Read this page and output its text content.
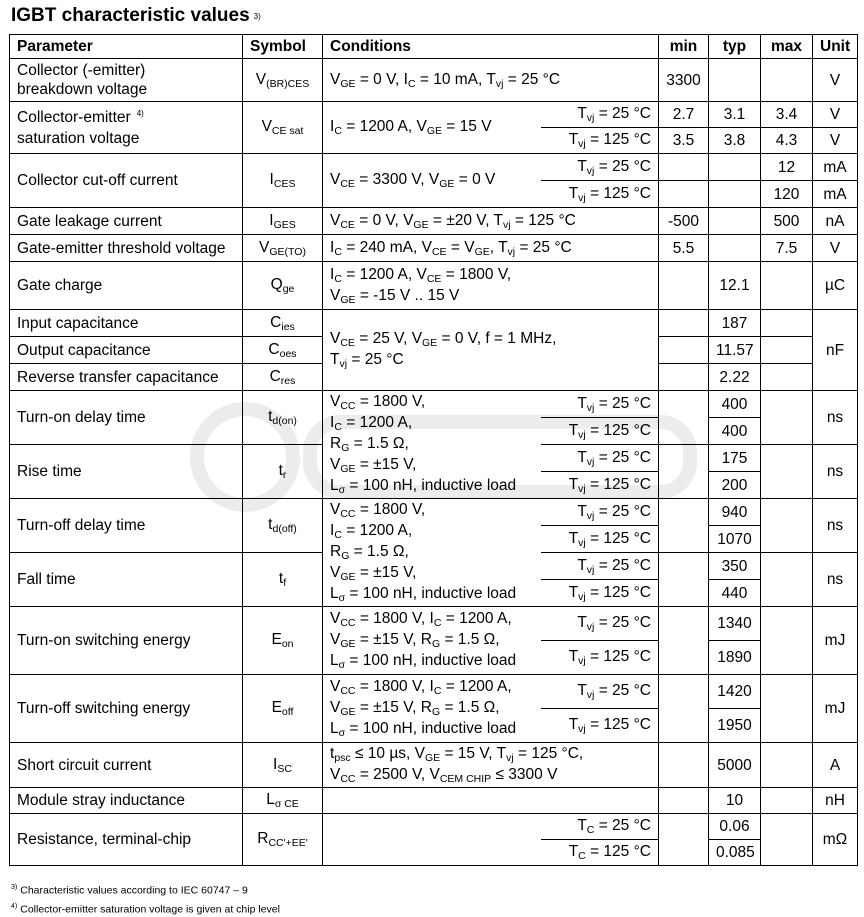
IGBT characteristic values $^{3)}$
Parameter	Symbol	Conditions		min	typ	max	Unit
Collector (-emitter)
breakdown voltage	V(BR)CES	VGE = 0 V, IC = 10 mA, Tvj = 25 °C		3300			V
Collector-emitter $^{4)}$
saturation voltage	VCE sat	IC = 1200 A, VGE = 15 V	Tvj = 25 °C	2.7	3.1	3.4	V
			Tvj = 125 °C	3.5	3.8	4.3	V
Collector cut-off current	ICES	VCE = 3300 V, VGE = 0 V	Tvj = 25 °C			12	mA
			Tvj = 125 °C			120	mA
Gate leakage current	IGES	VCE = 0 V, VGE = ±20 V, Tvj = 125 °C		-500		500	nA
Gate-emitter threshold voltage	VGE(TO)	IC = 240 mA, VCE = VGE, Tvj = 25 °C		5.5		7.5	V
Gate charge	Qge	IC = 1200 A, VCE = 1800 V,
VGE = -15 V .. 15 V			12.1		µC
Input capacitance	Cies	VCE = 25 V, VGE = 0 V, f = 1 MHz,
Tvj = 25 °C			187		nF
Output capacitance	Coes				11.57		
Reverse transfer capacitance	Cres				2.22		
Turn-on delay time	td(on)	VCC = 1800 V,
IC = 1200 A,
RG = 1.5 Ω,
VGE = ±15 V,
Lσ = 100 nH, inductive load	Tvj = 25 °C		400		ns
			Tvj = 125 °C		400		
Rise time	tr		Tvj = 25 °C		175		ns
			Tvj = 125 °C		200		
Turn-off delay time	td(off)	VCC = 1800 V,
IC = 1200 A,
RG = 1.5 Ω,
VGE = ±15 V,
Lσ = 100 nH, inductive load	Tvj = 25 °C		940		ns
			Tvj = 125 °C		1070		
Fall time	tf		Tvj = 25 °C		350		ns
			Tvj = 125 °C		440		
Turn-on switching energy	Eon	VCC = 1800 V, IC = 1200 A,
VGE = ±15 V, RG = 1.5 Ω,
Lσ = 100 nH, inductive load	Tvj = 25 °C		1340		mJ
			Tvj = 125 °C		1890		
Turn-off switching energy	Eoff	VCC = 1800 V, IC = 1200 A,
VGE = ±15 V, RG = 1.5 Ω,
Lσ = 100 nH, inductive load	Tvj = 25 °C		1420		mJ
			Tvj = 125 °C		1950		
Short circuit current	ISC	tpsc ≤ 10 µs, VGE = 15 V, Tvj = 125 °C,
VCC = 2500 V, VCEM CHIP ≤ 3300 V			5000		A
Module stray inductance	Lσ CE				10		nH
Resistance, terminal-chip	RCC'+EE'		TC = 25 °C		0.06		mΩ
			TC = 125 °C		0.085		
$^{3)}$ Characteristic values according to IEC 60747 – 9
$^{4)}$ Collector-emitter saturation voltage is given at chip level
